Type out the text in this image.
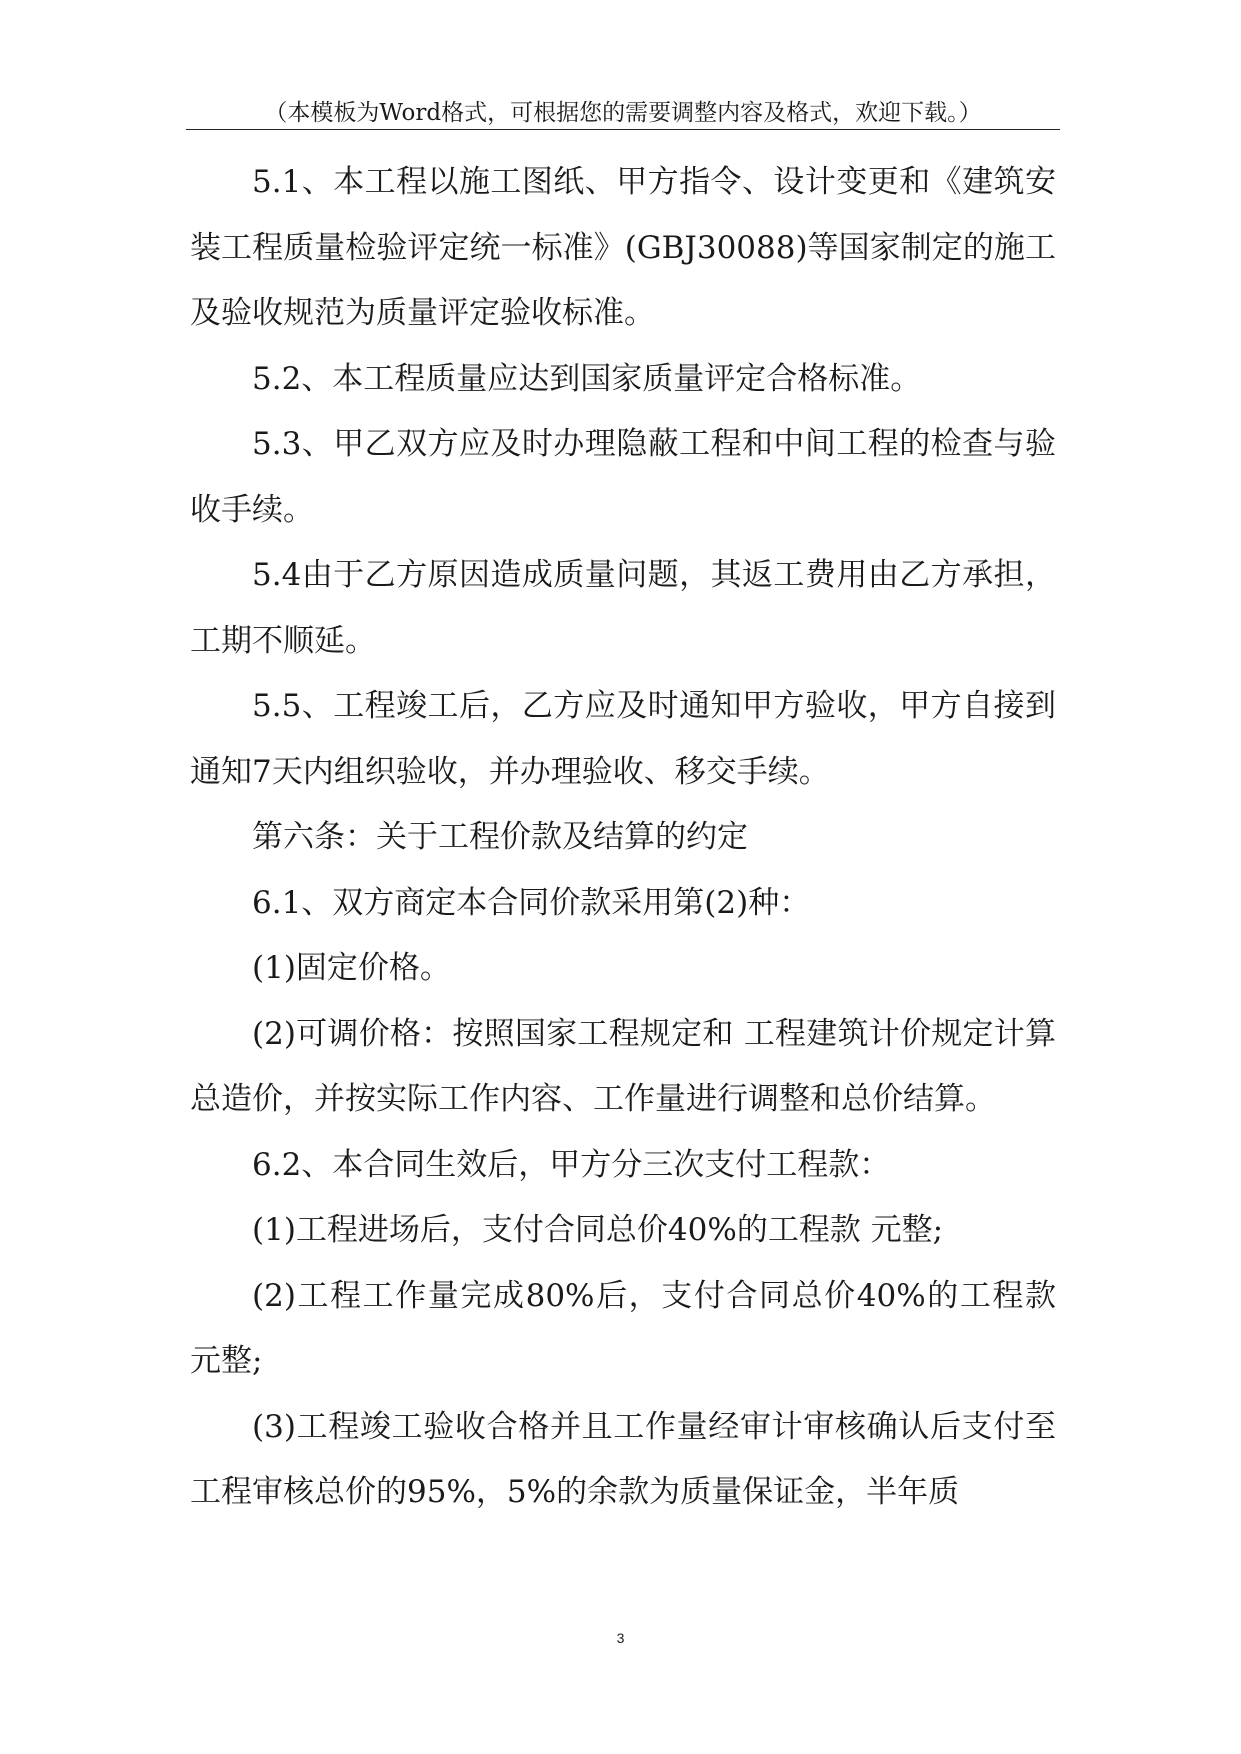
（本模板为Word格式，可根据您的需要调整内容及格式，欢迎下载。）

5.1、本工程以施工图纸、甲方指令、设计变更和《建筑安装工程质量检验评定统一标准》(GBJ30088)等国家制定的施工及验收规范为质量评定验收标准。

5.2、本工程质量应达到国家质量评定合格标准。

5.3、甲乙双方应及时办理隐蔽工程和中间工程的检查与验收手续。

5.4由于乙方原因造成质量问题，其返工费用由乙方承担，工期不顺延。

5.5、工程竣工后，乙方应及时通知甲方验收，甲方自接到通知7天内组织验收，并办理验收、移交手续。

第六条：关于工程价款及结算的约定

6.1、双方商定本合同价款采用第(2)种：

(1)固定价格。

(2)可调价格：按照国家工程规定和 工程建筑计价规定计算总造价，并按实际工作内容、工作量进行调整和总价结算。

6.2、本合同生效后，甲方分三次支付工程款：

(1)工程进场后，支付合同总价40%的工程款 元整;

(2)工程工作量完成80%后，支付合同总价40%的工程款 元整;

(3)工程竣工验收合格并且工作量经审计审核确认后支付至工程审核总价的95%，5%的余款为质量保证金，半年质

3
